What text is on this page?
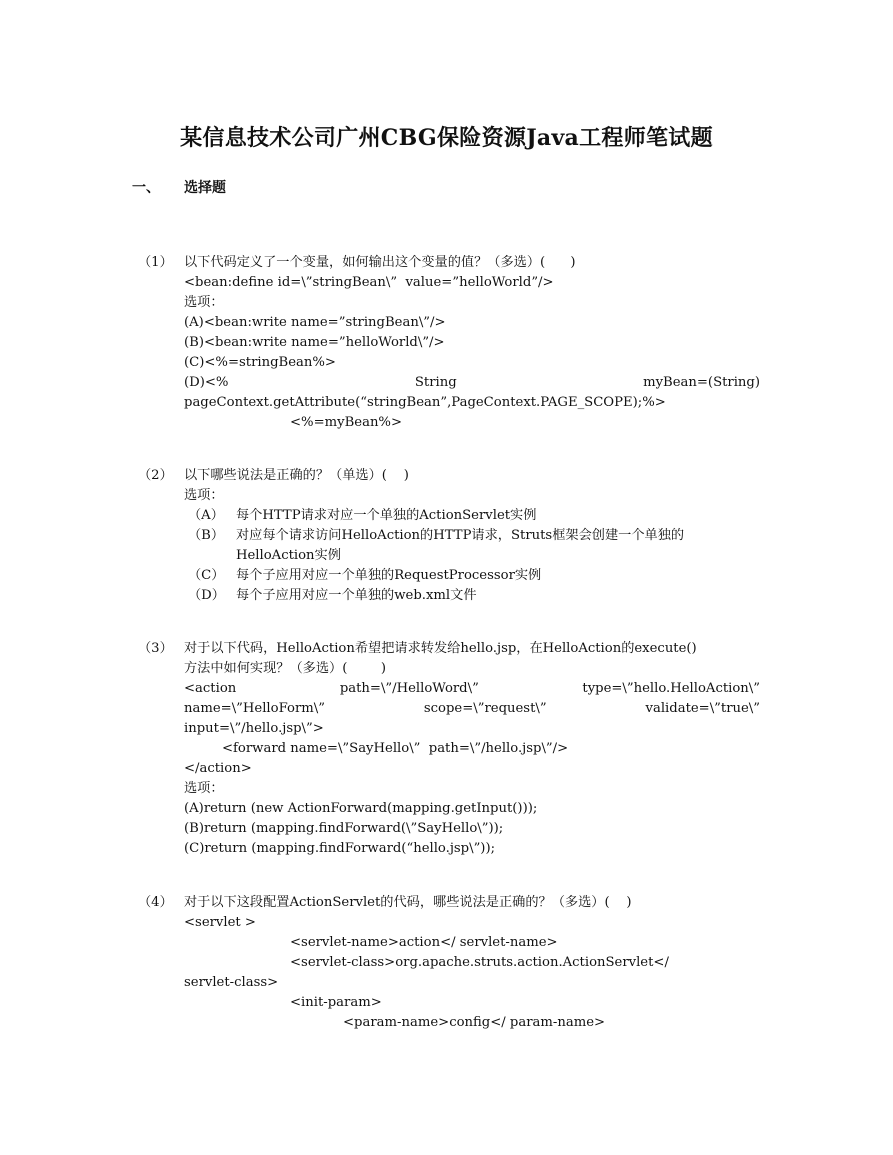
某信息技术公司广州CBG保险资源Java工程师笔试题
一、 选择题
（1） 以下代码定义了一个变量，如何输出这个变量的值？（多选）(      )
<bean:define id=\”stringBean\”  value=”helloWorld”/>
选项：
(A)<bean:write name=”stringBean\”/>
(B)<bean:write name=”helloWorld\”/>
(C)<%=stringBean%>
(D)<%	String	myBean=(String)
pageContext.getAttribute(“stringBean”,PageContext.PAGE_SCOPE);%>
<%=myBean%>
（2） 以下哪些说法是正确的？（单选）(    )
选项：
（A） 每个HTTP请求对应一个单独的ActionServlet实例
（B） 对应每个请求访问HelloAction的HTTP请求，Struts框架会创建一个单独的
HelloAction实例
（C） 每个子应用对应一个单独的RequestProcessor实例
（D） 每个子应用对应一个单独的web.xml文件
（3） 对于以下代码，HelloAction希望把请求转发给hello.jsp，在HelloAction的execute()
方法中如何实现？（多选）(        )
<action	path=\”/HelloWord\”	type=\”hello.HelloAction\”
name=\”HelloForm\”	scope=\”request\”	validate=\”true\”
input=\”/hello.jsp\”>
<forward name=\”SayHello\”  path=\”/hello.jsp\”/>
</action>
选项：
(A)return (new ActionForward(mapping.getInput()));
(B)return (mapping.findForward(\”SayHello\”));
(C)return (mapping.findForward(“hello.jsp\”));
（4） 对于以下这段配置ActionServlet的代码，哪些说法是正确的？（多选）(    )
<servlet >
<servlet-name>action</ servlet-name>
<servlet-class>org.apache.struts.action.ActionServlet</
servlet-class>
<init-param>
<param-name>config</ param-name>
